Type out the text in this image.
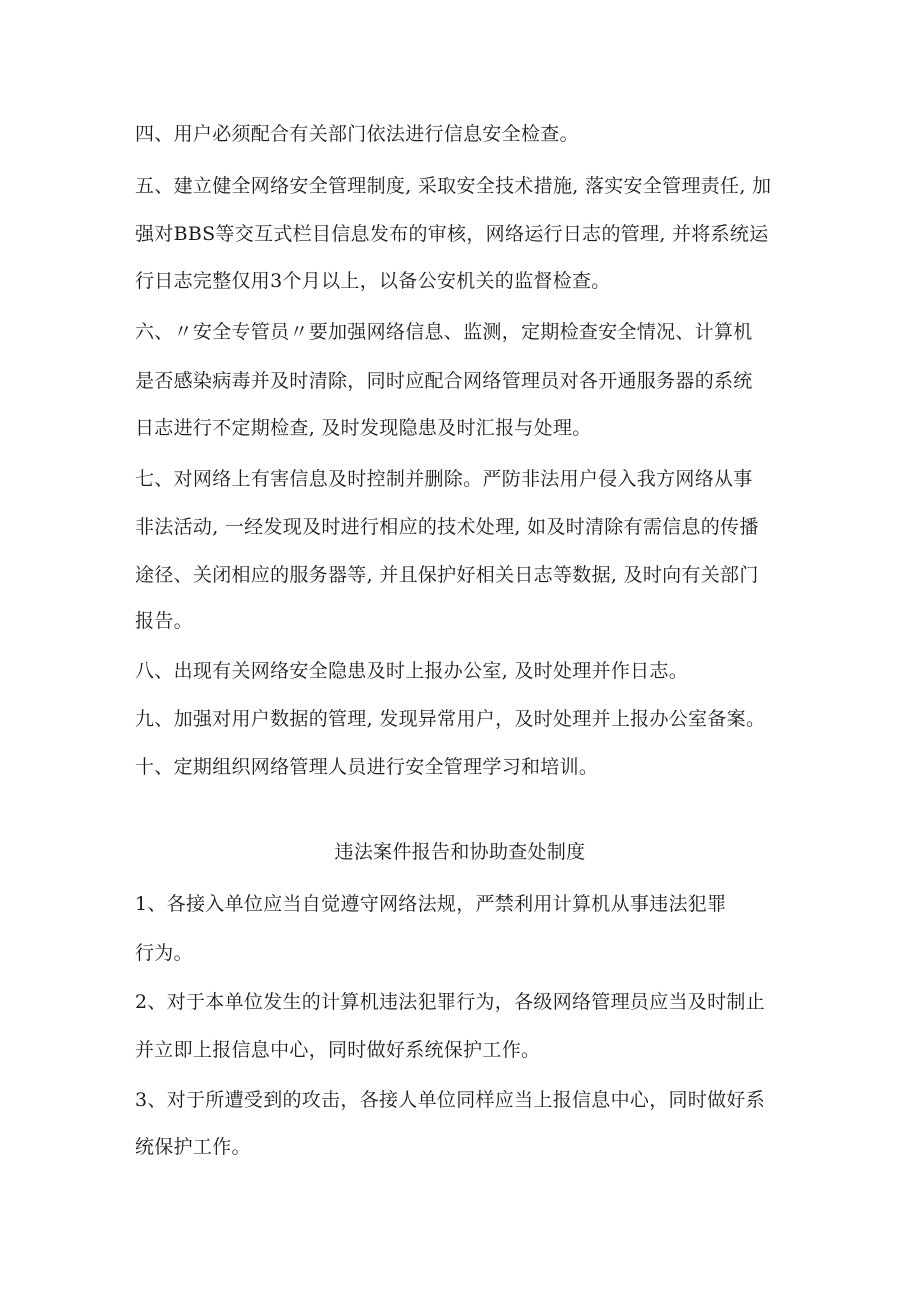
四、用户必须配合有关部门依法进行信息安全检查。
五、建立健全网络安全管理制度, 采取安全技术措施, 落实安全管理责任, 加
强对BBS等交互式栏目信息发布的审核，网络运行日志的管理, 并将系统运
行日志完整仅用3个月以上，以备公安机关的监督检查。
六、〃安全专管员〃要加强网络信息、监测，定期检查安全情况、计算机
是否感染病毒并及时清除，同时应配合网络管理员对各开通服务器的系统
日志进行不定期检查, 及时发现隐患及时汇报与处理。
七、对网络上有害信息及时控制并删除。严防非法用户侵入我方网络从事
非法活动, 一经发现及时进行相应的技术处理, 如及时清除有需信息的传播
途径、关闭相应的服务器等, 并且保护好相关日志等数据, 及时向有关部门
报告。
八、出现有关网络安全隐患及时上报办公室, 及时处理并作日志。
九、加强对用户数据的管理, 发现异常用户，及时处理并上报办公室备案。
十、定期组织网络管理人员进行安全管理学习和培训。
违法案件报告和协助查处制度
1、各接入单位应当自觉遵守网络法规，严禁利用计算机从事违法犯罪
行为。
2、对于本单位发生的计算机违法犯罪行为，各级网络管理员应当及时制止
并立即上报信息中心，同时做好系统保护工作。
3、对于所遭受到的攻击，各接人单位同样应当上报信息中心，同时做好系
统保护工作。
